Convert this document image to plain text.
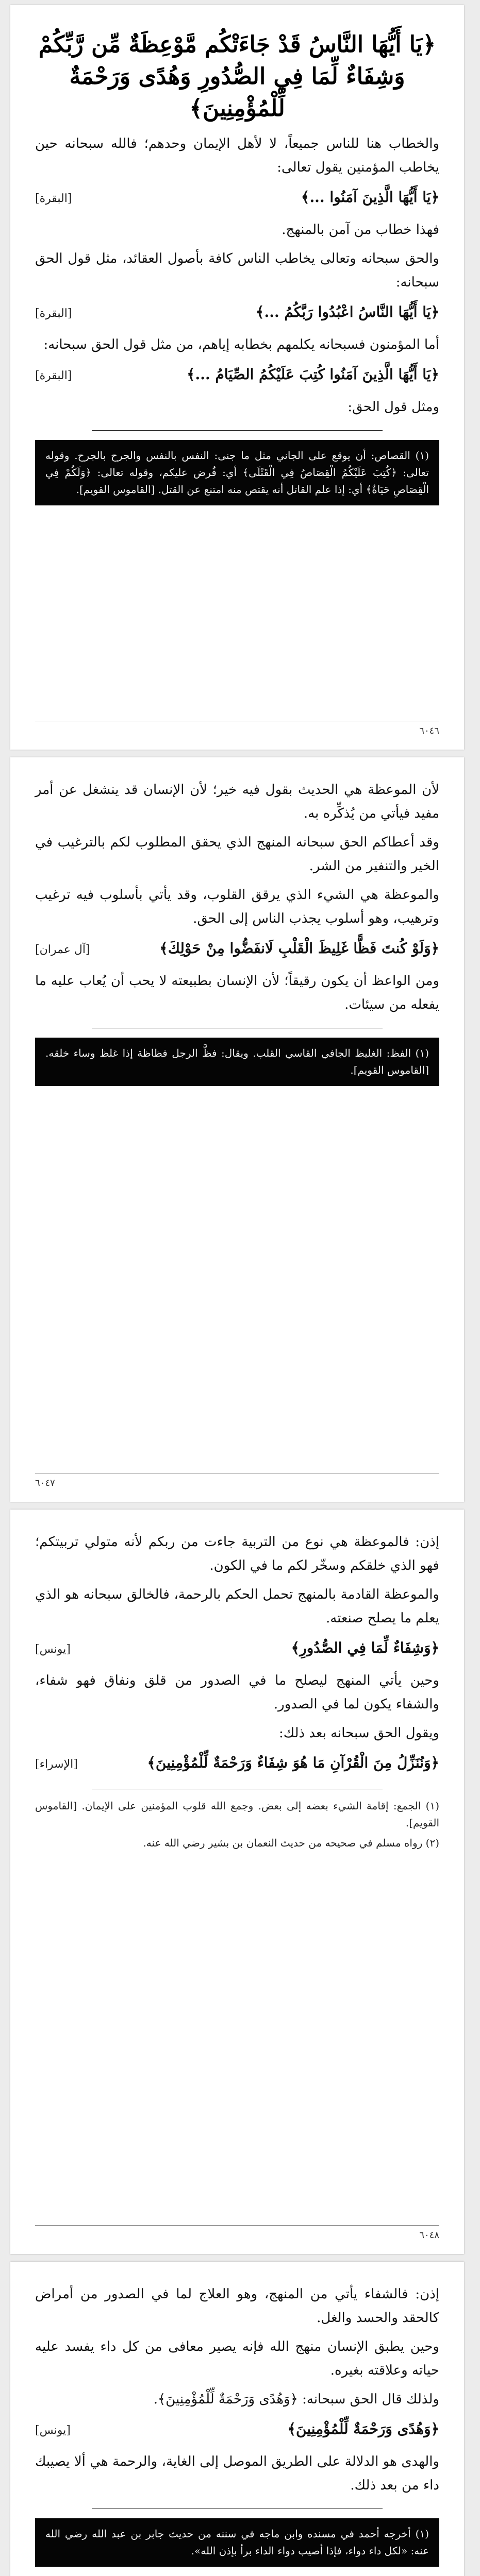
﴿يَا أَيُّهَا النَّاسُ قَدْ جَاءَتْكُم مَّوْعِظَةٌ مِّن رَّبِّكُمْ وَشِفَاءٌ لِّمَا فِي الصُّدُورِ وَهُدًى وَرَحْمَةٌ لِّلْمُؤْمِنِينَ﴾

والخطاب هنا للناس جميعاً، لا لأهل الإيمان وحدهم؛ فالله سبحانه حين يخاطب المؤمنين يقول تعالى:

﴿يَا أَيُّهَا الَّذِينَ آمَنُوا ...﴾
[البقرة]

فهذا خطاب من آمن بالمنهج.

والحق سبحانه وتعالى يخاطب الناس كافة بأصول العقائد، مثل قول الحق سبحانه:

﴿يَا أَيُّهَا النَّاسُ اعْبُدُوا رَبَّكُمُ ...﴾
[البقرة]

أما المؤمنون فسبحانه يكلمهم بخطابه إياهم، من مثل قول الحق سبحانه:

﴿يَا أَيُّهَا الَّذِينَ آمَنُوا كُتِبَ عَلَيْكُمُ الصِّيَامُ ...﴾
[البقرة]

ومثل قول الحق:

(١) القصاص: أن يوقع على الجاني مثل ما جنى: النفس بالنفس والجرح بالجرح. وقوله تعالى: ﴿كُتِبَ عَلَيْكُمُ الْقِصَاصُ فِي الْقَتْلَى﴾ أي: فُرض عليكم، وقوله تعالى: ﴿وَلَكُمْ فِي الْقِصَاصِ حَيَاةٌ﴾ أي: إذا علم القاتل أنه يقتص منه امتنع عن القتل. [القاموس القويم].
٦٠٤٦

لأن الموعظة هي الحديث بقول فيه خير؛ لأن الإنسان قد ينشغل عن أمر مفيد فيأتي من يُذكِّره به.

وقد أعطاكم الحق سبحانه المنهج الذي يحقق المطلوب لكم بالترغيب في الخير والتنفير من الشر.

والموعظة هي الشيء الذي يرقق القلوب، وقد يأتي بأسلوب فيه ترغيب وترهيب، وهو أسلوب يجذب الناس إلى الحق.

﴿وَلَوْ كُنتَ فَظًّا غَلِيظَ الْقَلْبِ لَانفَضُّوا مِنْ حَوْلِكَ﴾
[آل عمران]

ومن الواعظ أن يكون رقيقاً؛ لأن الإنسان بطبيعته لا يحب أن يُعاب عليه ما يفعله من سيئات.

(١) الفظ: الغليظ الجافي القاسي القلب. ويقال: فظَّ الرجل فظاظة إذا غلظ وساء خلقه. [القاموس القويم].
٦٠٤٧

إذن: فالموعظة هي نوع من التربية جاءت من ربكم لأنه متولي تربيتكم؛ فهو الذي خلقكم وسخّر لكم ما في الكون.

والموعظة القادمة بالمنهج تحمل الحكم بالرحمة، فالخالق سبحانه هو الذي يعلم ما يصلح صنعته.

﴿وَشِفَاءٌ لِّمَا فِي الصُّدُورِ﴾
[يونس]

وحين يأتي المنهج ليصلح ما في الصدور من قلق ونفاق فهو شفاء، والشفاء يكون لما في الصدور.

ويقول الحق سبحانه بعد ذلك:

﴿وَنُنَزِّلُ مِنَ الْقُرْآنِ مَا هُوَ شِفَاءٌ وَرَحْمَةٌ لِّلْمُؤْمِنِينَ﴾
[الإسراء]

(١) الجمع: إقامة الشيء بعضه إلى بعض. وجمع الله قلوب المؤمنين على الإيمان. [القاموس القويم].

(٢) رواه مسلم في صحيحه من حديث النعمان بن بشير رضي الله عنه.

٦٠٤٨

إذن: فالشفاء يأتي من المنهج، وهو العلاج لما في الصدور من أمراض كالحقد والحسد والغل.

وحين يطبق الإنسان منهج الله فإنه يصير معافى من كل داء يفسد عليه حياته وعلاقته بغيره.

ولذلك قال الحق سبحانه: ﴿وَهُدًى وَرَحْمَةٌ لِّلْمُؤْمِنِينَ﴾.

﴿وَهُدًى وَرَحْمَةٌ لِّلْمُؤْمِنِينَ﴾
[يونس]

والهدى هو الدلالة على الطريق الموصل إلى الغاية، والرحمة هي ألا يصيبك داء من بعد ذلك.

(١) أخرجه أحمد في مسنده وابن ماجه في سننه من حديث جابر بن عبد الله رضي الله عنه: «لكل داء دواء، فإذا أصيب دواء الداء برأ بإذن الله».
